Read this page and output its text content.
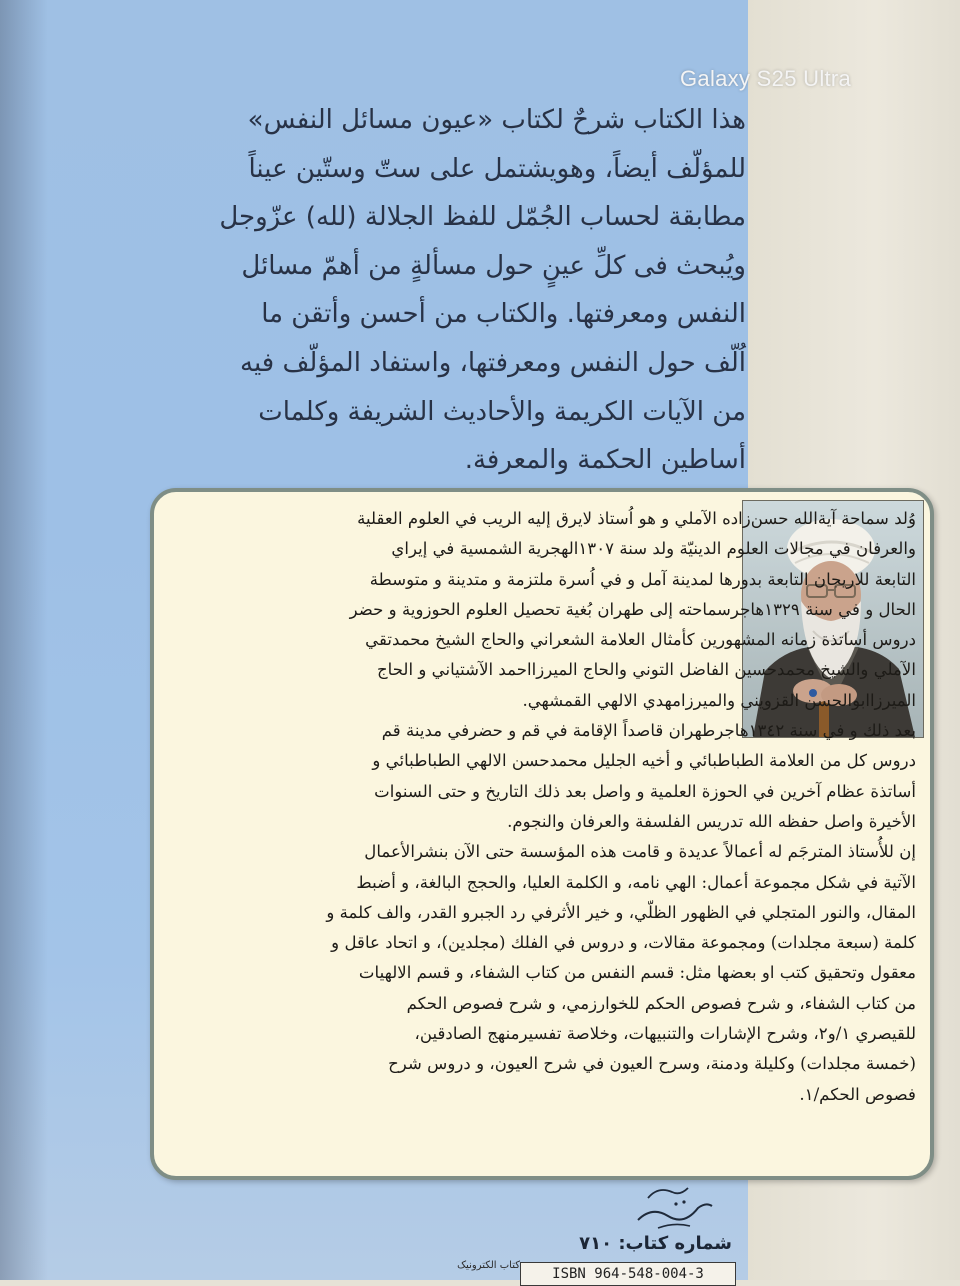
Galaxy S25 Ultra

هذا الكتاب شرحٌ لكتاب «عيون مسائل النفس»

للمؤلّف أيضاً، وهويشتمل على ستّ وستّين عيناً

مطابقة لحساب الجُمّل للفظ الجلالة (لله) عزّوجل

ويُبحث فى كلِّ عينٍ حول مسألةٍ من أهمّ مسائل

النفس ومعرفتها. والكتاب من أحسن وأتقن ما

اُلّف حول النفس ومعرفتها، واستفاد المؤلّف فيه

من الآيات الكريمة والأحاديث الشريفة وكلمات

أساطين الحكمة والمعرفة.

وُلد سماحة آيةالله حسن‌زاده الآملي و هو اُستاذ لايرق إليه الريب في العلوم العقلية

والعرفان في مجالات العلوم الدينيّة ولد سنة ١٣٠٧الهجرية الشمسية في إيراي

التابعة للاريجان التابعة بدورها لمدينة آمل و في اُسرة ملتزمة و متدينة و متوسطة

الحال و في سنة ١٣٢٩هاجرسماحته إلى طهران بُغية تحصيل العلوم الحوزوية و حضر

دروس أساتذة زمانه المشهورين كأمثال العلامة الشعراني والحاج الشيخ محمدتقي

الآملي والشيخ محمدحسين الفاضل التوني والحاج الميرزااحمد الآشتياني و الحاج

الميرزاابوالحسن القزويني والميرزامهدي الالهي القمشهي.

بعد ذلك و في سنة ١٣٤٢هاجرطهران قاصداً الإقامة في قم و حضرفي مدينة قم

دروس كل من العلامة الطباطبائي و أخيه الجليل محمدحسن الالهي الطباطبائي و

أساتذة عظام آخرين في الحوزة العلمية و واصل بعد ذلك التاريخ و حتى السنوات

الأخيرة واصل حفظه الله تدريس الفلسفة والعرفان والنجوم.

إن للأُستاذ المترجَم له أعمالاً عديدة و قامت هذه المؤسسة حتى الآن بنشرالأعمال

الآتية في شكل مجموعة أعمال: الهي نامه، و الكلمة العليا، والحجج البالغة، و أضبط

المقال، والنور المتجلي في الظهور الظلّي، و خير الأثرفي رد الجبرو القدر، والف كلمة و

كلمة (سبعة مجلدات) ومجموعة مقالات، و دروس في الفلك (مجلدين)، و اتحاد عاقل و

معقول وتحقيق كتب او بعضها مثل: قسم النفس من كتاب الشفاء، و قسم الالهيات

من كتاب الشفاء، و شرح فصوص الحكم للخوارزمي، و شرح فصوص الحكم

للقيصري ١/و٢، وشرح الإشارات والتنبيهات، وخلاصة تفسيرمنهج الصادقين،

(خمسة مجلدات) وكليلة ودمنة، وسرح العيون في شرح العيون، و دروس شرح

فصوص الحكم/١.

شماره کتاب: ٧١٠
کتاب الکترونیک
ISBN 964-548-004-3
